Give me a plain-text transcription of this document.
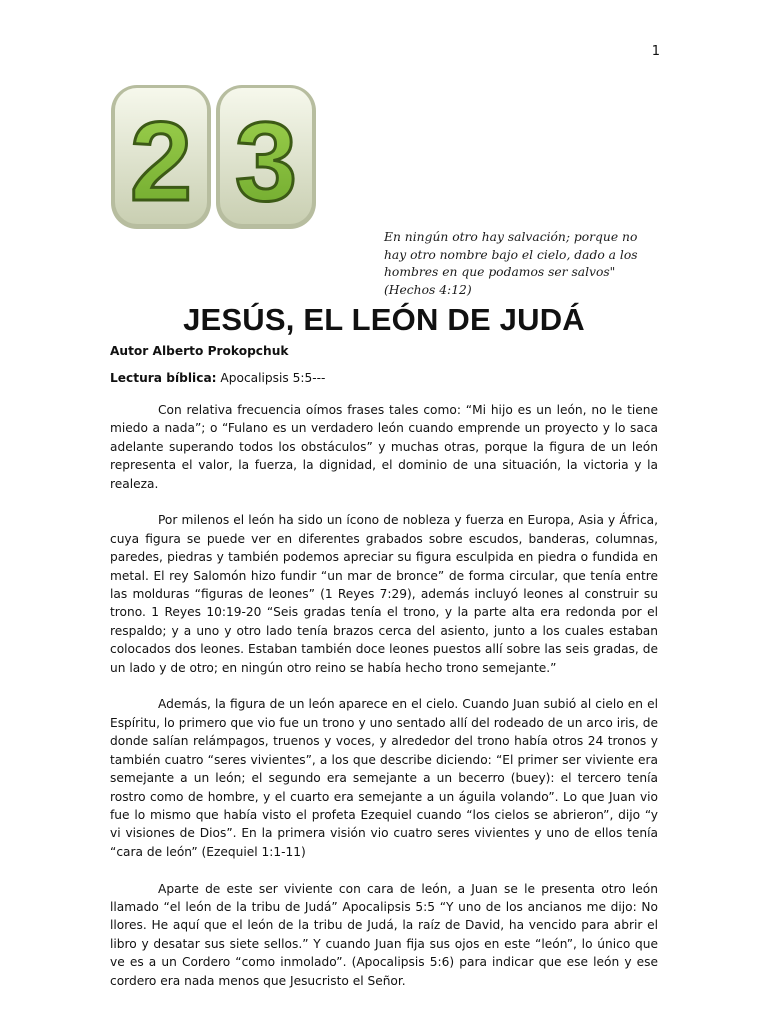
1
2 3
En ningún otro hay salvación; porque no hay otro nombre bajo el cielo, dado a los hombres en que podamos ser salvos" (Hechos 4:12)
JESÚS, EL LEÓN DE JUDÁ
Autor Alberto Prokopchuk
Lectura bíblica: Apocalipsis 5:5---

Con relativa frecuencia oímos frases tales como: “Mi hijo es un león, no le tiene miedo a nada”; o “Fulano es un verdadero león cuando emprende un proyecto y lo saca adelante superando todos los obstáculos” y muchas otras, porque la figura de un león representa el valor, la fuerza, la dignidad, el dominio de una situación, la victoria y la realeza.

Por milenos el león ha sido un ícono de nobleza y fuerza en Europa, Asia y África, cuya figura se puede ver en diferentes grabados sobre escudos, banderas, columnas, paredes, piedras y también podemos apreciar su figura esculpida en piedra o fundida en metal. El rey Salomón hizo fundir “un mar de bronce” de forma circular, que tenía entre las molduras “figuras de leones” (1 Reyes 7:29), además incluyó leones al construir su trono. 1 Reyes 10:19-20 “Seis gradas tenía el trono, y la parte alta era redonda por el respaldo; y a uno y otro lado tenía brazos cerca del asiento, junto a los cuales estaban colocados dos leones. Estaban también doce leones puestos allí sobre las seis gradas, de un lado y de otro; en ningún otro reino se había hecho trono semejante.”

Además, la figura de un león aparece en el cielo. Cuando Juan subió al cielo en el Espíritu, lo primero que vio fue un trono y uno sentado allí del rodeado de un arco iris, de donde salían relámpagos, truenos y voces, y alrededor del trono había otros 24 tronos y también cuatro “seres vivientes”, a los que describe diciendo: “El primer ser viviente era semejante a un león; el segundo era semejante a un becerro (buey): el tercero tenía rostro como de hombre, y el cuarto era semejante a un águila volando”. Lo que Juan vio fue lo mismo que había visto el profeta Ezequiel cuando “los cielos se abrieron”, dijo “y vi visiones de Dios”. En la primera visión vio cuatro seres vivientes y uno de ellos tenía “cara de león” (Ezequiel 1:1-11)

Aparte de este ser viviente con cara de león, a Juan se le presenta otro león llamado “el león de la tribu de Judá” Apocalipsis 5:5 “Y uno de los ancianos me dijo: No llores. He aquí que el león de la tribu de Judá, la raíz de David, ha vencido para abrir el libro y desatar sus siete sellos.” Y cuando Juan fija sus ojos en este “león”, lo único que ve es a un Cordero “como inmolado”. (Apocalipsis 5:6) para indicar que ese león y ese cordero era nada menos que Jesucristo el Señor.
